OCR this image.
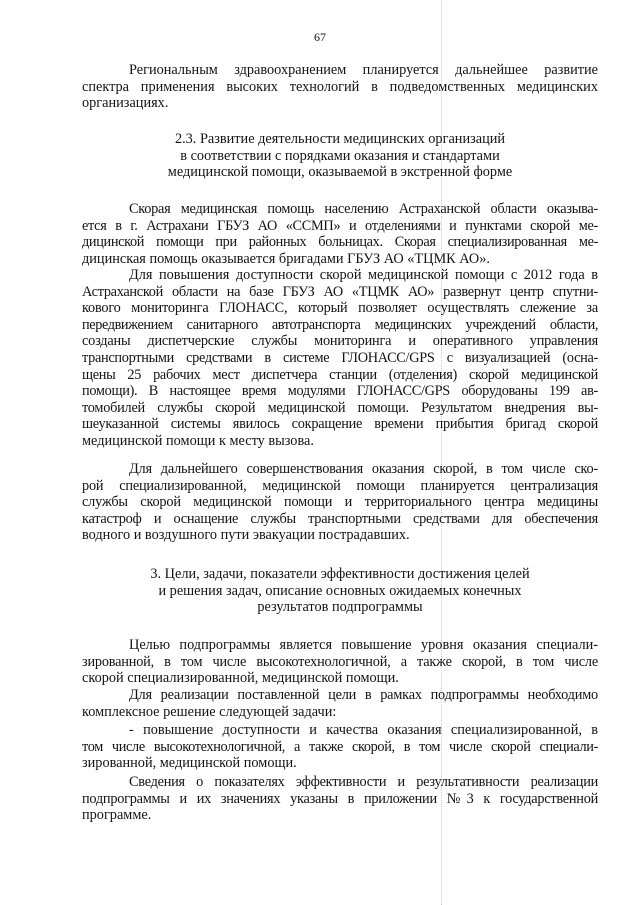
67
Региональным здравоохранением планируется дальнейшее развитие
спектра применения высоких технологий в подведомственных медицинских
организациях.
2.3. Развитие деятельности медицинских организаций
в соответствии с порядками оказания и стандартами
медицинской помощи, оказываемой в экстренной форме
Скорая медицинская помощь населению Астраханской области оказыва-
ется в г. Астрахани ГБУЗ АО «ССМП» и отделениями и пунктами скорой ме-
дицинской помощи при районных больницах. Скорая специализированная ме-
дицинская помощь оказывается бригадами ГБУЗ АО «ТЦМК АО».
Для повышения доступности скорой медицинской помощи с 2012 года в
Астраханской области на базе ГБУЗ АО «ТЦМК АО» развернут центр спутни-
кового мониторинга ГЛОНАСС, который позволяет осуществлять слежение за
передвижением санитарного автотранспорта медицинских учреждений области,
созданы диспетчерские службы мониторинга и оперативного управления
транспортными средствами в системе ГЛОНАСС/GPS с визуализацией (осна-
щены 25 рабочих мест диспетчера станции (отделения) скорой медицинской
помощи). В настоящее время модулями ГЛОНАСС/GPS оборудованы 199 ав-
томобилей службы скорой медицинской помощи. Результатом внедрения вы-
шеуказанной системы явилось сокращение времени прибытия бригад скорой
медицинской помощи к месту вызова.
Для дальнейшего совершенствования оказания скорой, в том числе ско-
рой специализированной, медицинской помощи планируется централизация
службы скорой медицинской помощи и территориального центра медицины
катастроф и оснащение службы транспортными средствами для обеспечения
водного и воздушного пути эвакуации пострадавших.
3. Цели, задачи, показатели эффективности достижения целей
и решения задач, описание основных ожидаемых конечных
результатов подпрограммы
Целью подпрограммы является повышение уровня оказания специали-
зированной, в том числе высокотехнологичной, а также скорой, в том числе
скорой специализированной, медицинской помощи.
Для реализации поставленной цели в рамках подпрограммы необходимо
комплексное решение следующей задачи:
- повышение доступности и качества оказания специализированной, в
том числе высокотехнологичной, а также скорой, в том числе скорой специали-
зированной, медицинской помощи.
Сведения о показателях эффективности и результативности реализации
подпрограммы и их значениях указаны в приложении №3 к государственной
программе.
